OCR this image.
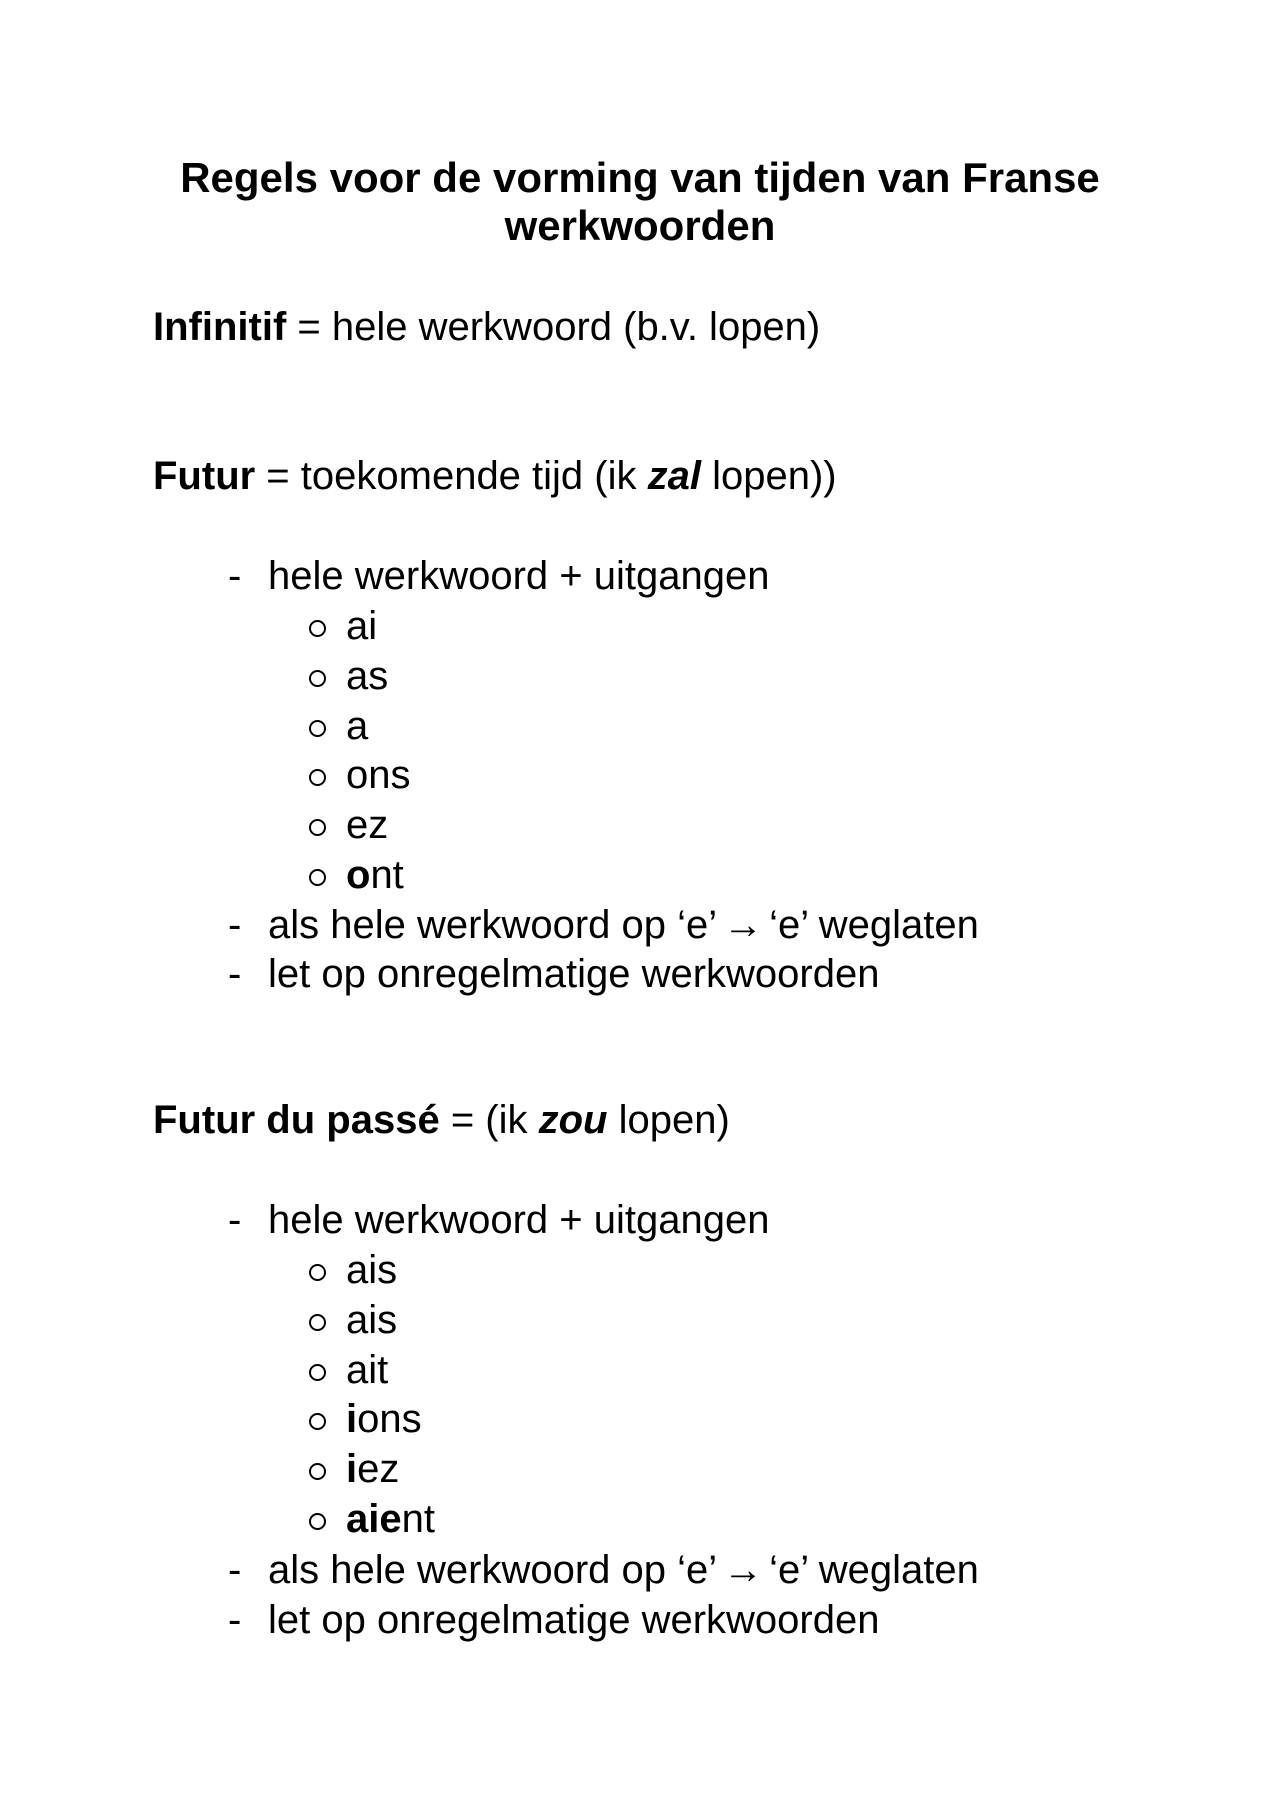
Regels voor de vorming van tijden van Franse
werkwoorden
Infinitif = hele werkwoord (b.v. lopen)
Futur = toekomende tijd (ik zal lopen))
- hele werkwoord + uitgangen
ai
as
a
ons
ez
ont
- als hele werkwoord op ‘e’ → ‘e’ weglaten
- let op onregelmatige werkwoorden
Futur du passé = (ik zou lopen)
- hele werkwoord + uitgangen
ais
ais
ait
ions
iez
aient
- als hele werkwoord op ‘e’ → ‘e’ weglaten
- let op onregelmatige werkwoorden
